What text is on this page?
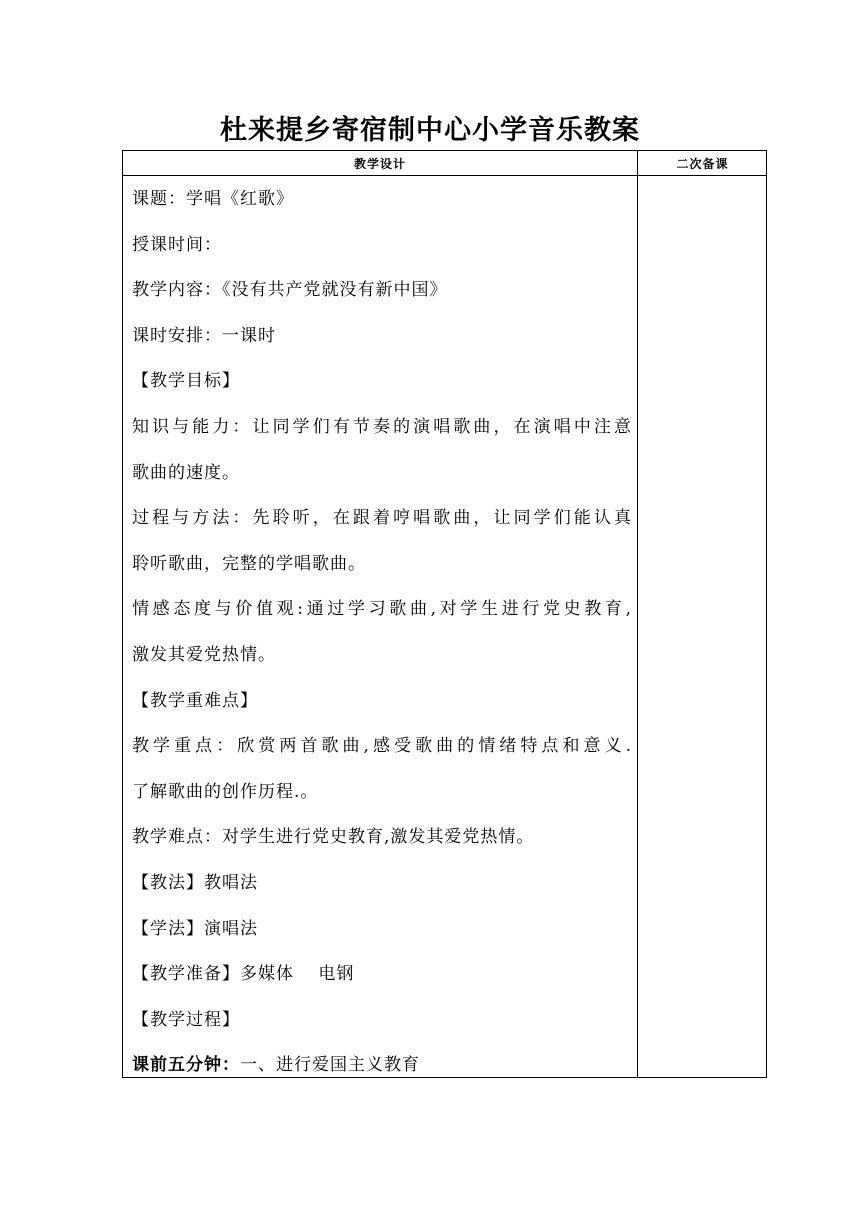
杜来提乡寄宿制中心小学音乐教案
教学设计	二次备课
课题：学唱《红歌》
授课时间：
教学内容：《没有共产党就没有新中国》
课时安排：一课时
【教学目标】
知识与能力：让同学们有节奏的演唱歌曲，在演唱中注意
歌曲的速度。
过程与方法：先聆听，在跟着哼唱歌曲，让同学们能认真
聆听歌曲，完整的学唱歌曲。
情感态度与价值观:通过学习歌曲,对学生进行党史教育,
激发其爱党热情。
【教学重难点】
教学重点：欣赏两首歌曲,感受歌曲的情绪特点和意义.
了解歌曲的创作历程.。
教学难点：对学生进行党史教育,激发其爱党热情。
【教法】教唱法
【学法】演唱法
【教学准备】多媒体　 电钢
【教学过程】
课前五分钟：一、进行爱国主义教育
